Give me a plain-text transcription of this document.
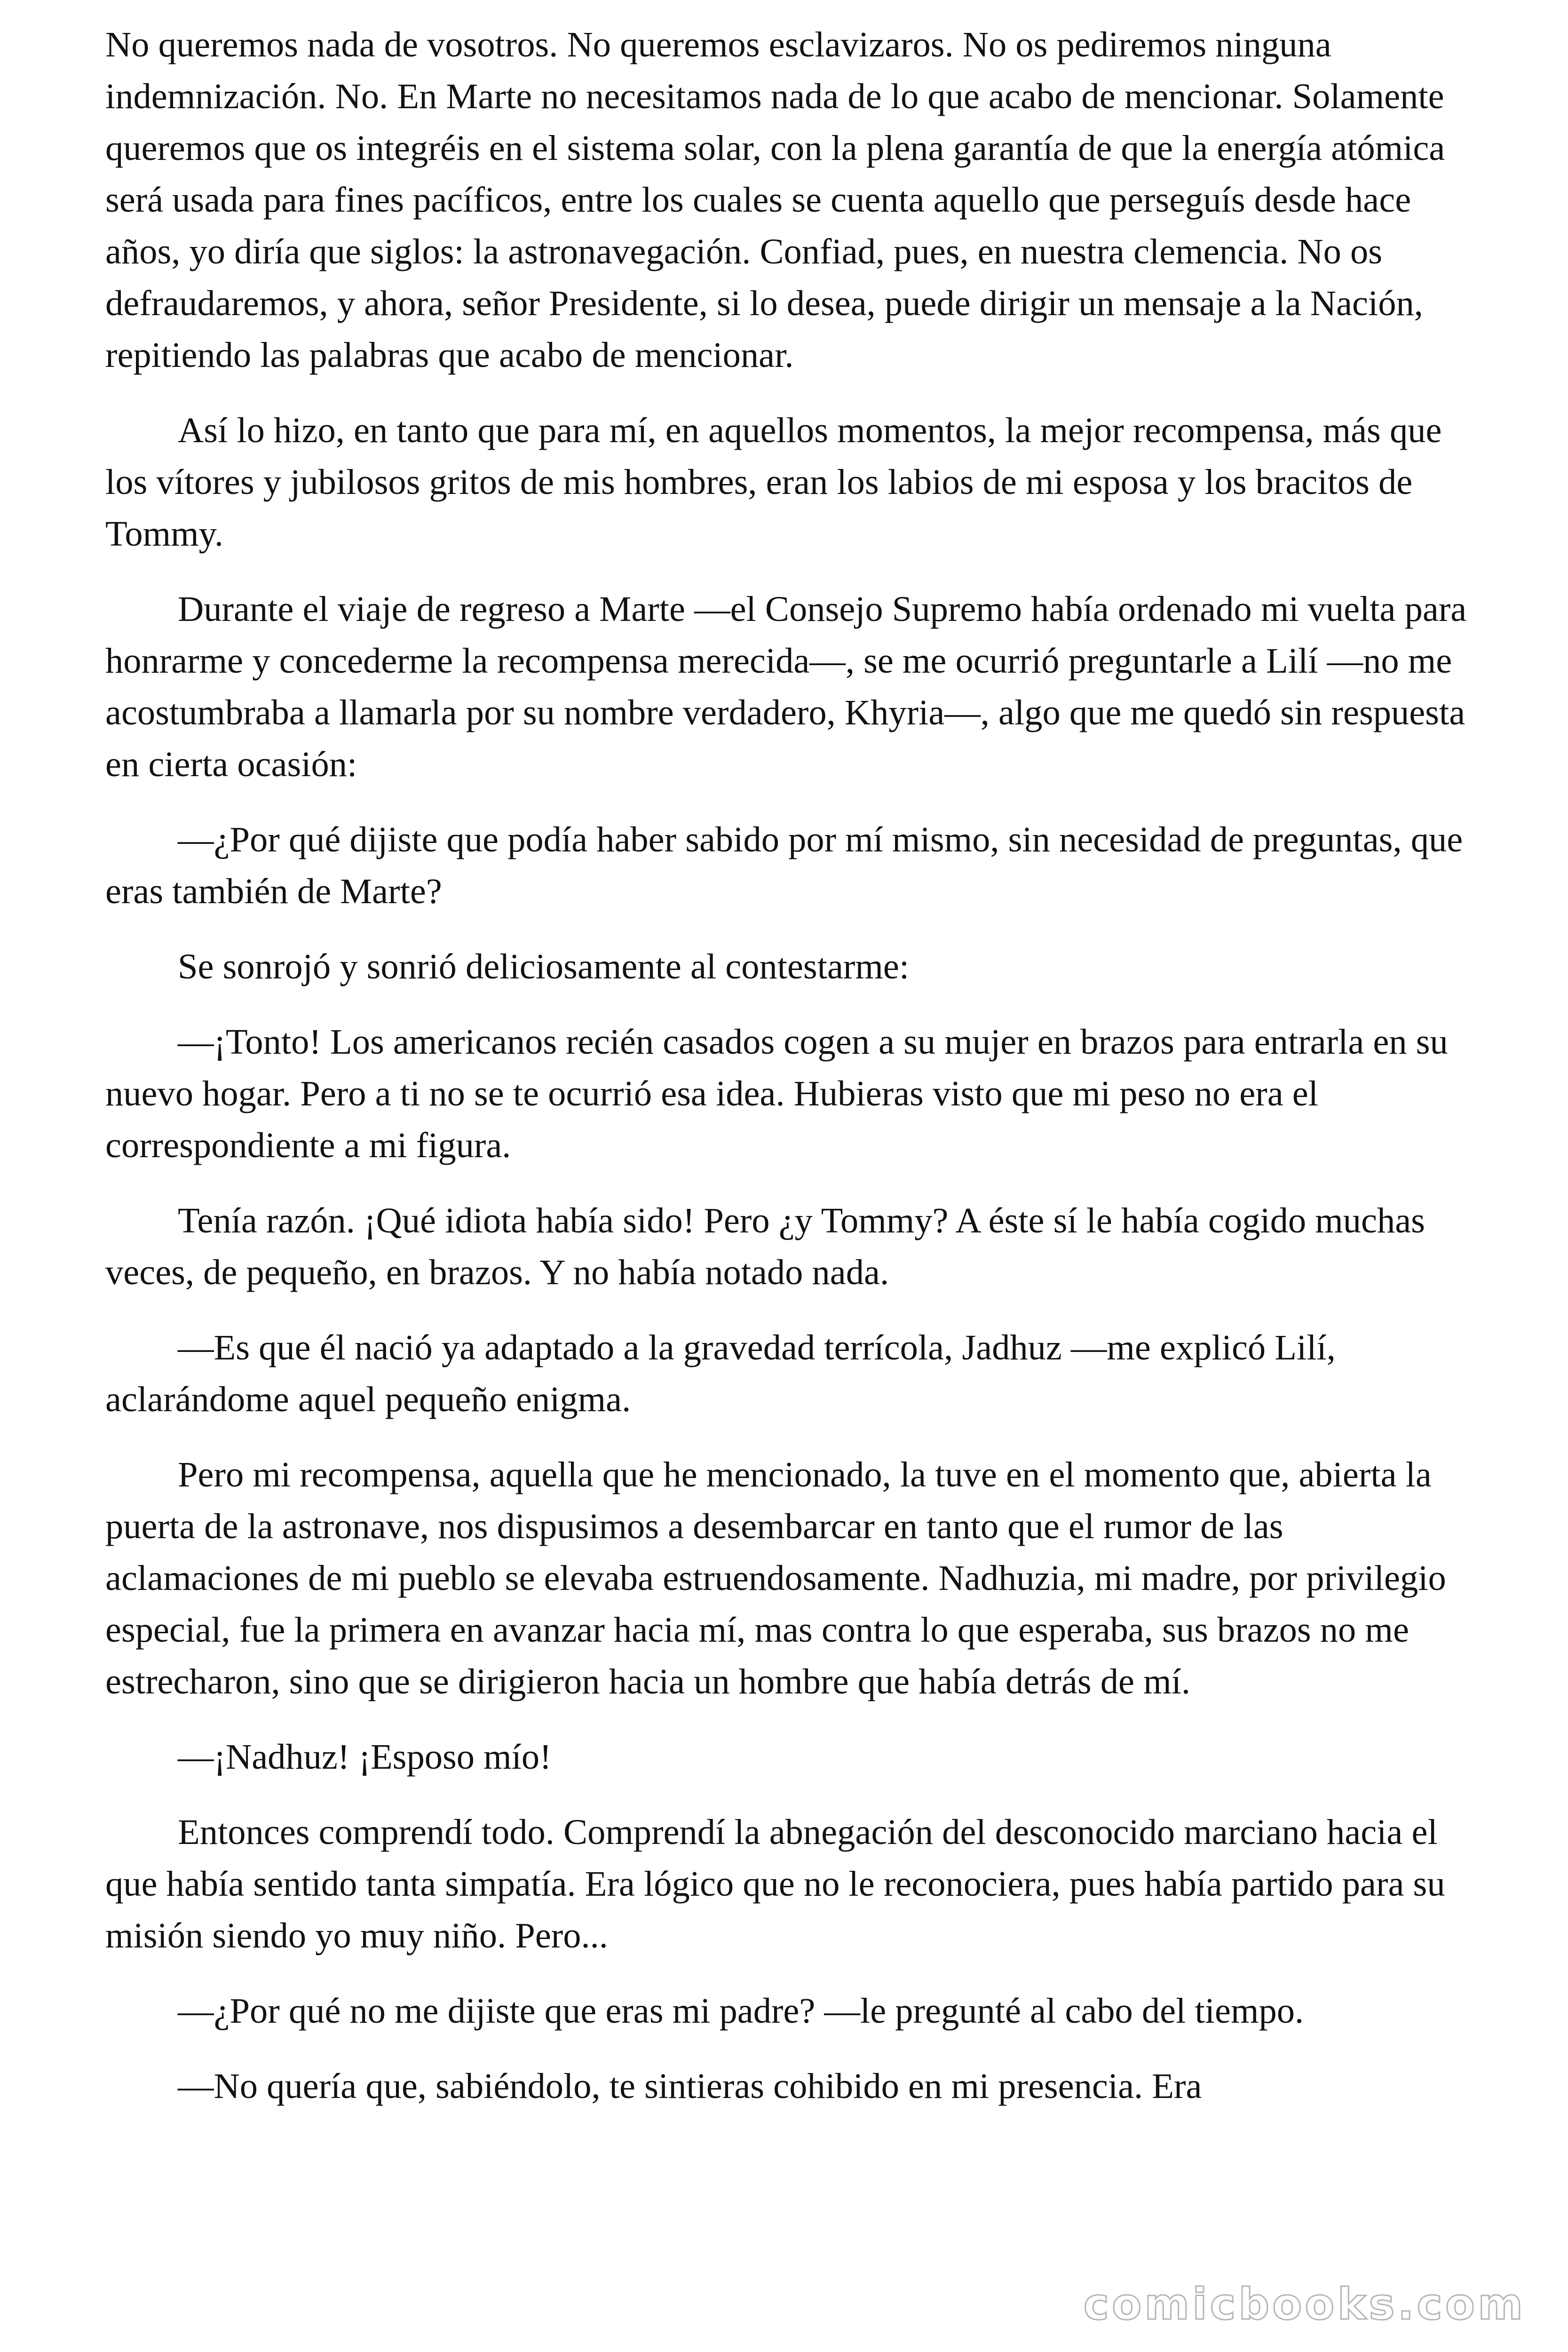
No queremos nada de vosotros. No queremos esclavizaros. No os pediremos ninguna indemnización. No. En Marte no necesitamos nada de lo que acabo de mencionar. Solamente queremos que os integréis en el sistema solar, con la plena garantía de que la energía atómica será usada para fines pacíficos, entre los cuales se cuenta aquello que perseguís desde hace años, yo diría que siglos: la astronavegación. Confiad, pues, en nuestra clemencia. No os defraudaremos, y ahora, señor Presidente, si lo desea, puede dirigir un mensaje a la Nación, repitiendo las palabras que acabo de mencionar.

Así lo hizo, en tanto que para mí, en aquellos momentos, la mejor recompensa, más que los vítores y jubilosos gritos de mis hombres, eran los labios de mi esposa y los bracitos de Tommy.

Durante el viaje de regreso a Marte —el Consejo Supremo había ordenado mi vuelta para honrarme y concederme la recompensa merecida—, se me ocurrió preguntarle a Lilí —no me acostumbraba a llamarla por su nombre verdadero, Khyria—, algo que me quedó sin respuesta en cierta ocasión:

—¿Por qué dijiste que podía haber sabido por mí mismo, sin necesidad de preguntas, que eras también de Marte?

Se sonrojó y sonrió deliciosamente al contestarme:

—¡Tonto! Los americanos recién casados cogen a su mujer en brazos para entrarla en su nuevo hogar. Pero a ti no se te ocurrió esa idea. Hubieras visto que mi peso no era el correspondiente a mi figura.

Tenía razón. ¡Qué idiota había sido! Pero ¿y Tommy? A éste sí le había cogido muchas veces, de pequeño, en brazos. Y no había notado nada.

—Es que él nació ya adaptado a la gravedad terrícola, Jadhuz —me explicó Lilí, aclarándome aquel pequeño enigma.

Pero mi recompensa, aquella que he mencionado, la tuve en el momento que, abierta la puerta de la astronave, nos dispusimos a desembarcar en tanto que el rumor de las aclamaciones de mi pueblo se elevaba estruendosamente. Nadhuzia, mi madre, por privilegio especial, fue la primera en avanzar hacia mí, mas contra lo que esperaba, sus brazos no me estrecharon, sino que se dirigieron hacia un hombre que había detrás de mí.

—¡Nadhuz! ¡Esposo mío!

Entonces comprendí todo. Comprendí la abnegación del desconocido marciano hacia el que había sentido tanta simpatía. Era lógico que no le reconociera, pues había partido para su misión siendo yo muy niño. Pero...

—¿Por qué no me dijiste que eras mi padre? —le pregunté al cabo del tiempo.

—No quería que, sabiéndolo, te sintieras cohibido en mi presencia. Era

comicbooks.com
